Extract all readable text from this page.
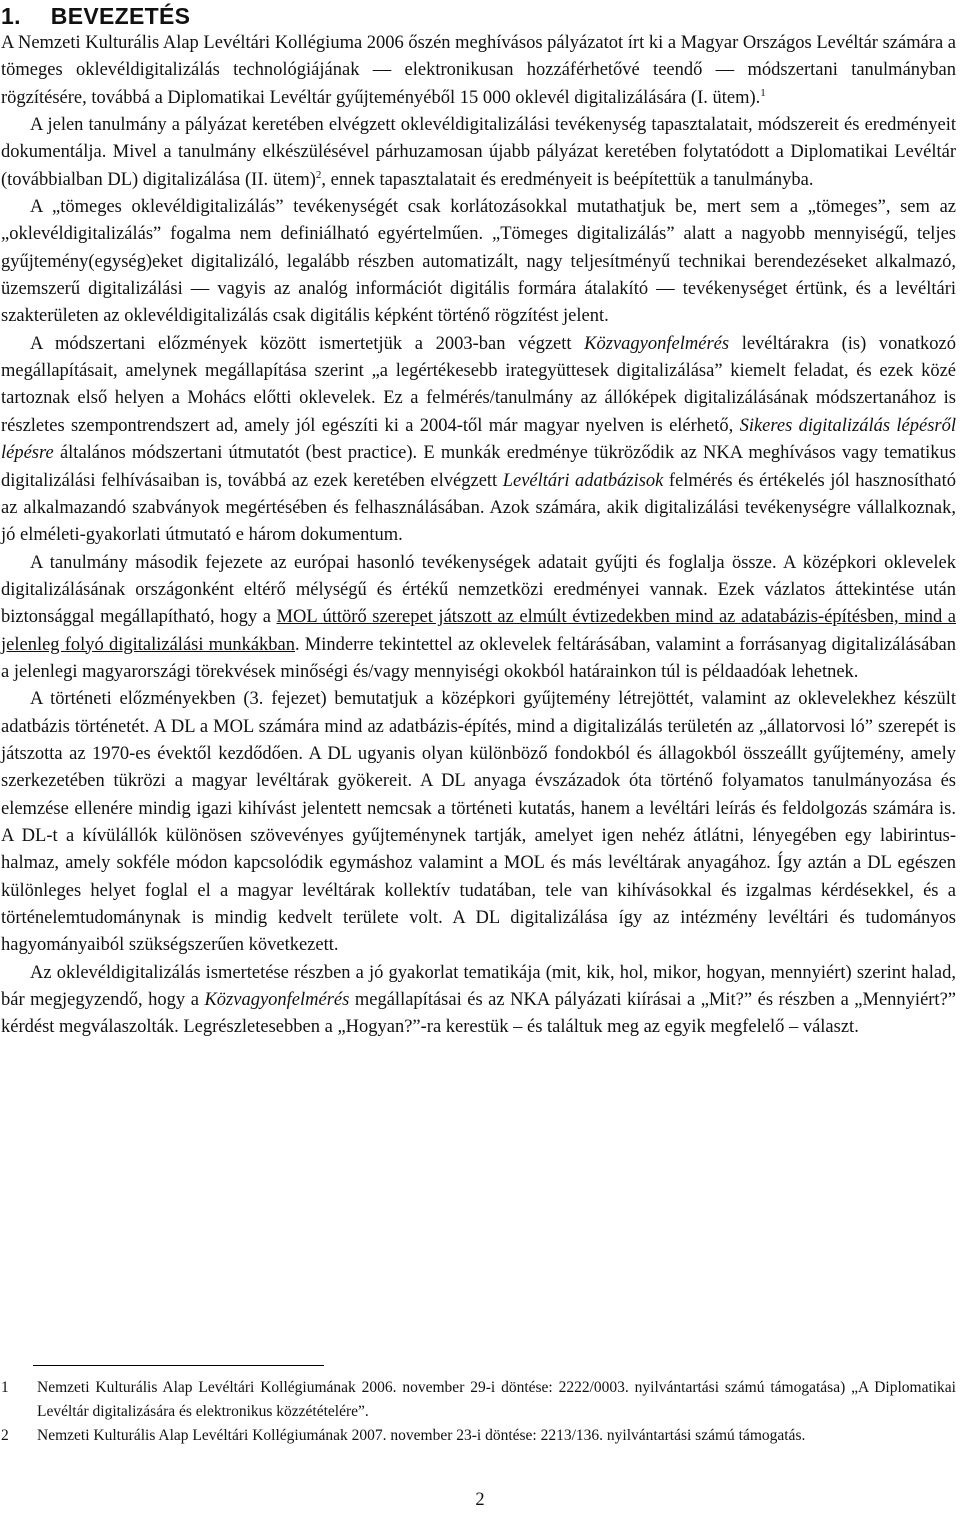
1. BEVEZETÉS

A Nemzeti Kulturális Alap Levéltári Kollégiuma 2006 őszén meghívásos pályázatot írt ki a Magyar Országos Levéltár számára a tömeges oklevéldigitalizálás technológiájának — elektronikusan hozzáférhetővé teendő — módszertani tanulmányban rögzítésére, továbbá a Diplomatikai Levéltár gyűjteményéből 15 000 oklevél digitalizálására (I. ütem).$^1$

A jelen tanulmány a pályázat keretében elvégzett oklevéldigitalizálási tevékenység tapasztalatait, módszereit és eredményeit dokumentálja. Mivel a tanulmány elkészülésével párhuzamosan újabb pályázat keretében folytatódott a Diplomatikai Levéltár (továbbialban DL) digitalizálása (II. ütem)$^2$, ennek tapasztalatait és eredményeit is beépítettük a tanulmányba.

A „tömeges oklevéldigitalizálás” tevékenységét csak korlátozásokkal mutathatjuk be, mert sem a „tömeges”, sem az „oklevéldigitalizálás” fogalma nem definiálható egyértelműen. „Tömeges digitalizálás” alatt a nagyobb mennyiségű, teljes gyűjtemény(egység)eket digitalizáló, legalább részben automatizált, nagy teljesítményű technikai berendezéseket alkalmazó, üzemszerű digitalizálási — vagyis az analóg információt digitális formára átalakító — tevékenységet értünk, és a levéltári szakterületen az oklevéldigitalizálás csak digitális képként történő rögzítést jelent.

A módszertani előzmények között ismertetjük a 2003-ban végzett Közvagyonfelmérés levéltárakra (is) vonatkozó megállapításait, amelynek megállapítása szerint „a legértékesebb irategyüttesek digitalizálása” kiemelt feladat, és ezek közé tartoznak első helyen a Mohács előtti oklevelek. Ez a felmérés/tanulmány az állóképek digitalizálásának módszertanához is részletes szempontrendszert ad, amely jól egészíti ki a 2004-től már magyar nyelven is elérhető, Sikeres digitalizálás lépésről lépésre általános módszertani útmutatót (best practice). E munkák eredménye tükröződik az NKA meghívásos vagy tematikus digitalizálási felhívásaiban is, továbbá az ezek keretében elvégzett Levéltári adatbázisok felmérés és értékelés jól hasznosítható az alkalmazandó szabványok megértésében és felhasználásában. Azok számára, akik digitalizálási tevékenységre vállalkoznak, jó elméleti-gyakorlati útmutató e három dokumentum.

A tanulmány második fejezete az európai hasonló tevékenységek adatait gyűjti és foglalja össze. A középkori oklevelek digitalizálásának országonként eltérő mélységű és értékű nemzetközi eredményei vannak. Ezek vázlatos áttekintése után biztonsággal megállapítható, hogy a MOL úttörő szerepet játszott az elmúlt évtizedekben mind az adatabázis-építésben, mind a jelenleg folyó digitalizálási munkákban. Minderre tekintettel az oklevelek feltárásában, valamint a forrásanyag digitalizálásában a jelenlegi magyarországi törekvések minőségi és/vagy mennyiségi okokból határainkon túl is példaadóak lehetnek.

A történeti előzményekben (3. fejezet) bemutatjuk a középkori gyűjtemény létrejöttét, valamint az oklevelekhez készült adatbázis történetét. A DL a MOL számára mind az adatbázis-építés, mind a digitalizálás területén az „állatorvosi ló” szerepét is játszotta az 1970-es évektől kezdődően. A DL ugyanis olyan különböző fondokból és állagokból összeállt gyűjtemény, amely szerkezetében tükrözi a magyar levéltárak gyökereit. A DL anyaga évszázadok óta történő folyamatos tanulmányozása és elemzése ellenére mindig igazi kihívást jelentett nemcsak a történeti kutatás, hanem a levéltári leírás és feldolgozás számára is. A DL-t a kívülállók különösen szövevényes gyűjteménynek tartják, amelyet igen nehéz átlátni, lényegében egy labirintus-halmaz, amely sokféle módon kapcsolódik egymáshoz valamint a MOL és más levéltárak anyagához. Így aztán a DL egészen különleges helyet foglal el a magyar levéltárak kollektív tudatában, tele van kihívásokkal és izgalmas kérdésekkel, és a történelemtudománynak is mindig kedvelt területe volt. A DL digitalizálása így az intézmény levéltári és tudományos hagyományaiból szükségszerűen következett.

Az oklevéldigitalizálás ismertetése részben a jó gyakorlat tematikája (mit, kik, hol, mikor, hogyan, mennyiért) szerint halad, bár megjegyzendő, hogy a Közvagyonfelmérés megállapításai és az NKA pályázati kiírásai a „Mit?” és részben a „Mennyiért?” kérdést megválaszolták. Legrészletesebben a „Hogyan?”-ra kerestük – és találtuk meg az egyik megfelelő – választ.

1 Nemzeti Kulturális Alap Levéltári Kollégiumának 2006. november 29-i döntése: 2222/0003. nyilvántartási számú támogatása) „A Diplomatikai Levéltár digitalizására és elektronikus közzétételére”.
2 Nemzeti Kulturális Alap Levéltári Kollégiumának 2007. november 23-i döntése: 2213/136. nyilvántartási számú támogatás.
2
